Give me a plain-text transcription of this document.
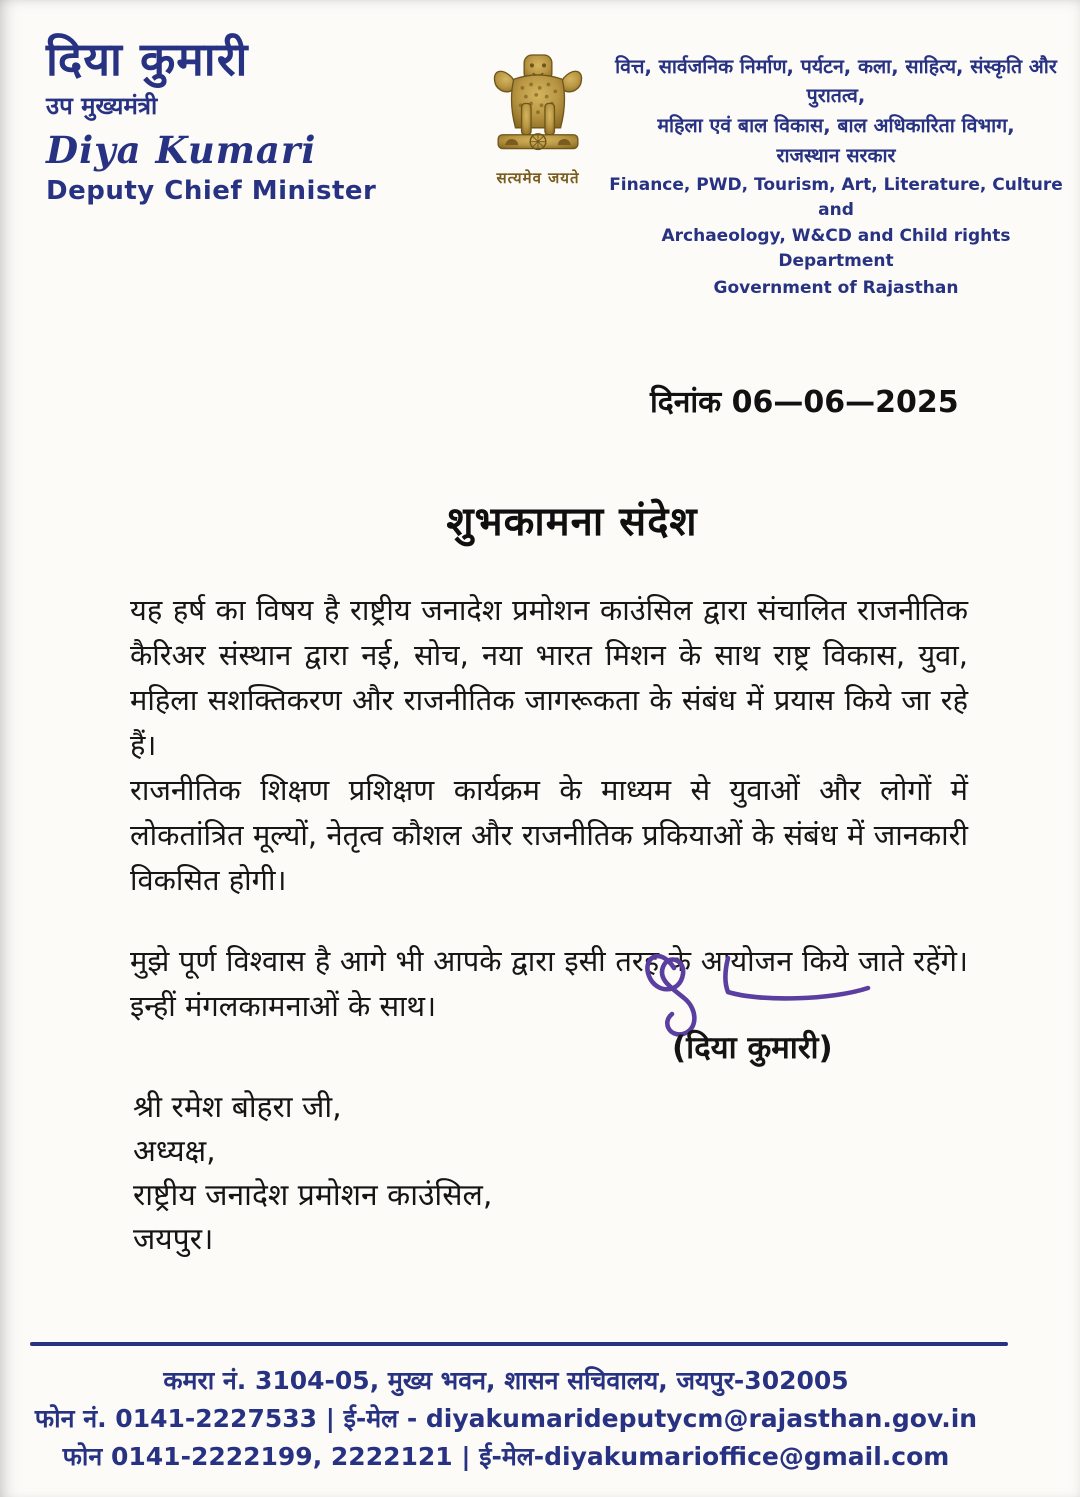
दिया कुमारी
उप मुख्यमंत्री
Diya Kumari
Deputy Chief Minister	सत्यमेव जयते
वित्त, सार्वजनिक निर्माण, पर्यटन, कला, साहित्य, संस्कृति और पुरातत्व,
महिला एवं बाल विकास, बाल अधिकारिता विभाग,
राजस्थान सरकार
Finance, PWD, Tourism, Art, Literature, Culture and
Archaeology, W&CD and Child rights Department
Government of Rajasthan
दिनांक 06—06—2025
शुभकामना संदेश

यह हर्ष का विषय है राष्ट्रीय जनादेश प्रमोशन काउंसिल द्वारा संचालित राजनीतिक कैरिअर संस्थान द्वारा नई, सोच, नया भारत मिशन के साथ राष्ट्र विकास, युवा, महिला सशक्तिकरण और राजनीतिक जागरूकता के संबंध में प्रयास किये जा रहे हैं।

राजनीतिक शिक्षण प्रशिक्षण कार्यक्रम के माध्यम से युवाओं और लोगों में लोकतांत्रित मूल्यों, नेतृत्व कौशल और राजनीतिक प्रकियाओं के संबंध में जानकारी विकसित होगी।

मुझे पूर्ण विश्वास है आगे भी आपके द्वारा इसी तरह के आयोजन किये जाते रहेंगे। इन्हीं मंगलकामनाओं के साथ।

(दिया कुमारी)
श्री रमेश बोहरा जी,
अध्यक्ष,
राष्ट्रीय जनादेश प्रमोशन काउंसिल,
जयपुर।
कमरा नं. 3104-05, मुख्य भवन, शासन सचिवालय, जयपुर-302005
फोन नं. 0141-2227533 | ई-मेल - diyakumarideputycm@rajasthan.gov.in
फोन 0141-2222199, 2222121 | ई-मेल-diyakumarioffice@gmail.com
